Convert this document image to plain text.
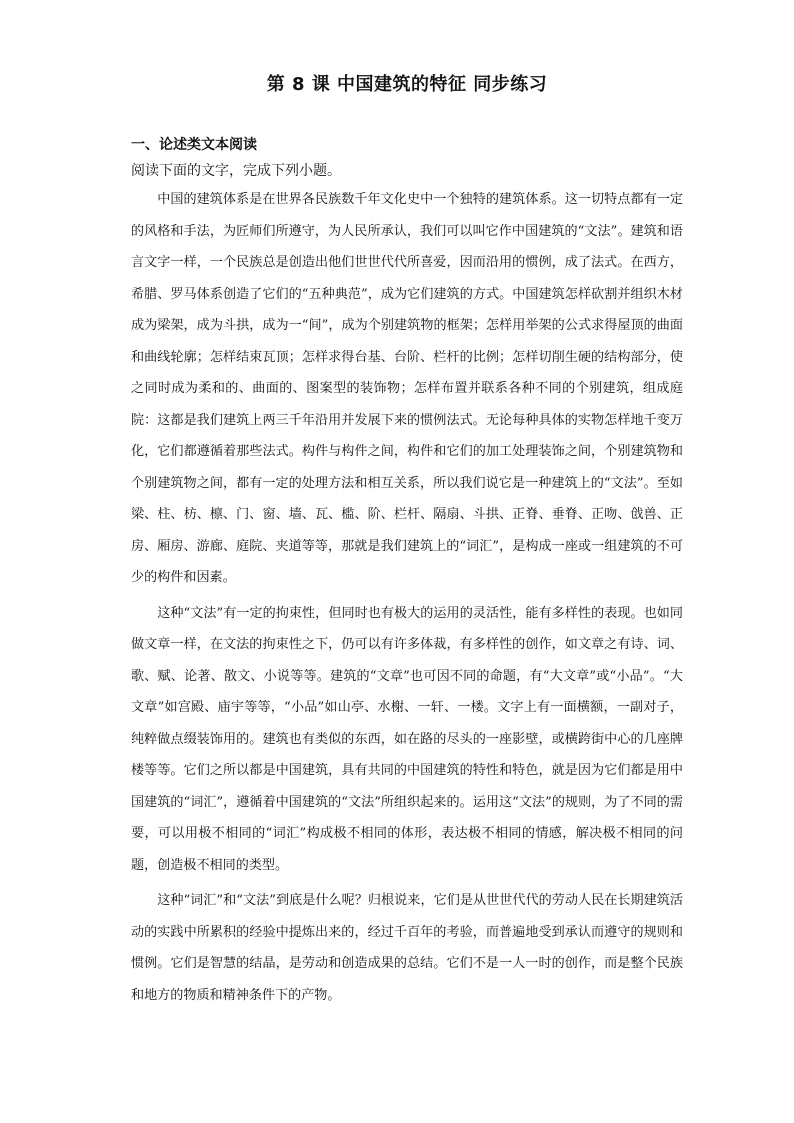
第 8 课 中国建筑的特征 同步练习
一、论述类文本阅读
阅读下面的文字，完成下列小题。

中国的建筑体系是在世界各民族数千年文化史中一个独特的建筑体系。这一切特点都有一定的风格和手法，为匠师们所遵守，为人民所承认，我们可以叫它作中国建筑的“文法”。建筑和语言文字一样，一个民族总是创造出他们世世代代所喜爱，因而沿用的惯例，成了法式。在西方，希腊、罗马体系创造了它们的“五种典范”，成为它们建筑的方式。中国建筑怎样砍割并组织木材成为梁架，成为斗拱，成为一“间”，成为个别建筑物的框架；怎样用举架的公式求得屋顶的曲面和曲线轮廓；怎样结束瓦顶；怎样求得台基、台阶、栏杆的比例；怎样切削生硬的结构部分，使之同时成为柔和的、曲面的、图案型的装饰物；怎样布置并联系各种不同的个别建筑，组成庭院：这都是我们建筑上两三千年沿用并发展下来的惯例法式。无论每种具体的实物怎样地千变万化，它们都遵循着那些法式。构件与构件之间，构件和它们的加工处理装饰之间，个别建筑物和个别建筑物之间，都有一定的处理方法和相互关系，所以我们说它是一种建筑上的“文法”。至如梁、柱、枋、檩、门、窗、墙、瓦、槛、阶、栏杆、隔扇、斗拱、正脊、垂脊、正吻、戗兽、正房、厢房、游廊、庭院、夹道等等，那就是我们建筑上的“词汇”，是构成一座或一组建筑的不可少的构件和因素。

这种“文法”有一定的拘束性，但同时也有极大的运用的灵活性，能有多样性的表现。也如同做文章一样，在文法的拘束性之下，仍可以有许多体裁，有多样性的创作，如文章之有诗、词、歌、赋、论著、散文、小说等等。建筑的“文章”也可因不同的命题，有“大文章”或“小品”。“大文章”如宫殿、庙宇等等，“小品”如山亭、水榭、一轩、一楼。文字上有一面横额，一副对子，纯粹做点缀装饰用的。建筑也有类似的东西，如在路的尽头的一座影壁，或横跨街中心的几座牌楼等等。它们之所以都是中国建筑，具有共同的中国建筑的特性和特色，就是因为它们都是用中国建筑的“词汇”，遵循着中国建筑的“文法”所组织起来的。运用这“文法”的规则，为了不同的需要，可以用极不相同的“词汇”构成极不相同的体形，表达极不相同的情感，解决极不相同的问题，创造极不相同的类型。

这种“词汇”和“文法”到底是什么呢？归根说来，它们是从世世代代的劳动人民在长期建筑活动的实践中所累积的经验中提炼出来的，经过千百年的考验，而普遍地受到承认而遵守的规则和惯例。它们是智慧的结晶，是劳动和创造成果的总结。它们不是一人一时的创作，而是整个民族和地方的物质和精神条件下的产物。
